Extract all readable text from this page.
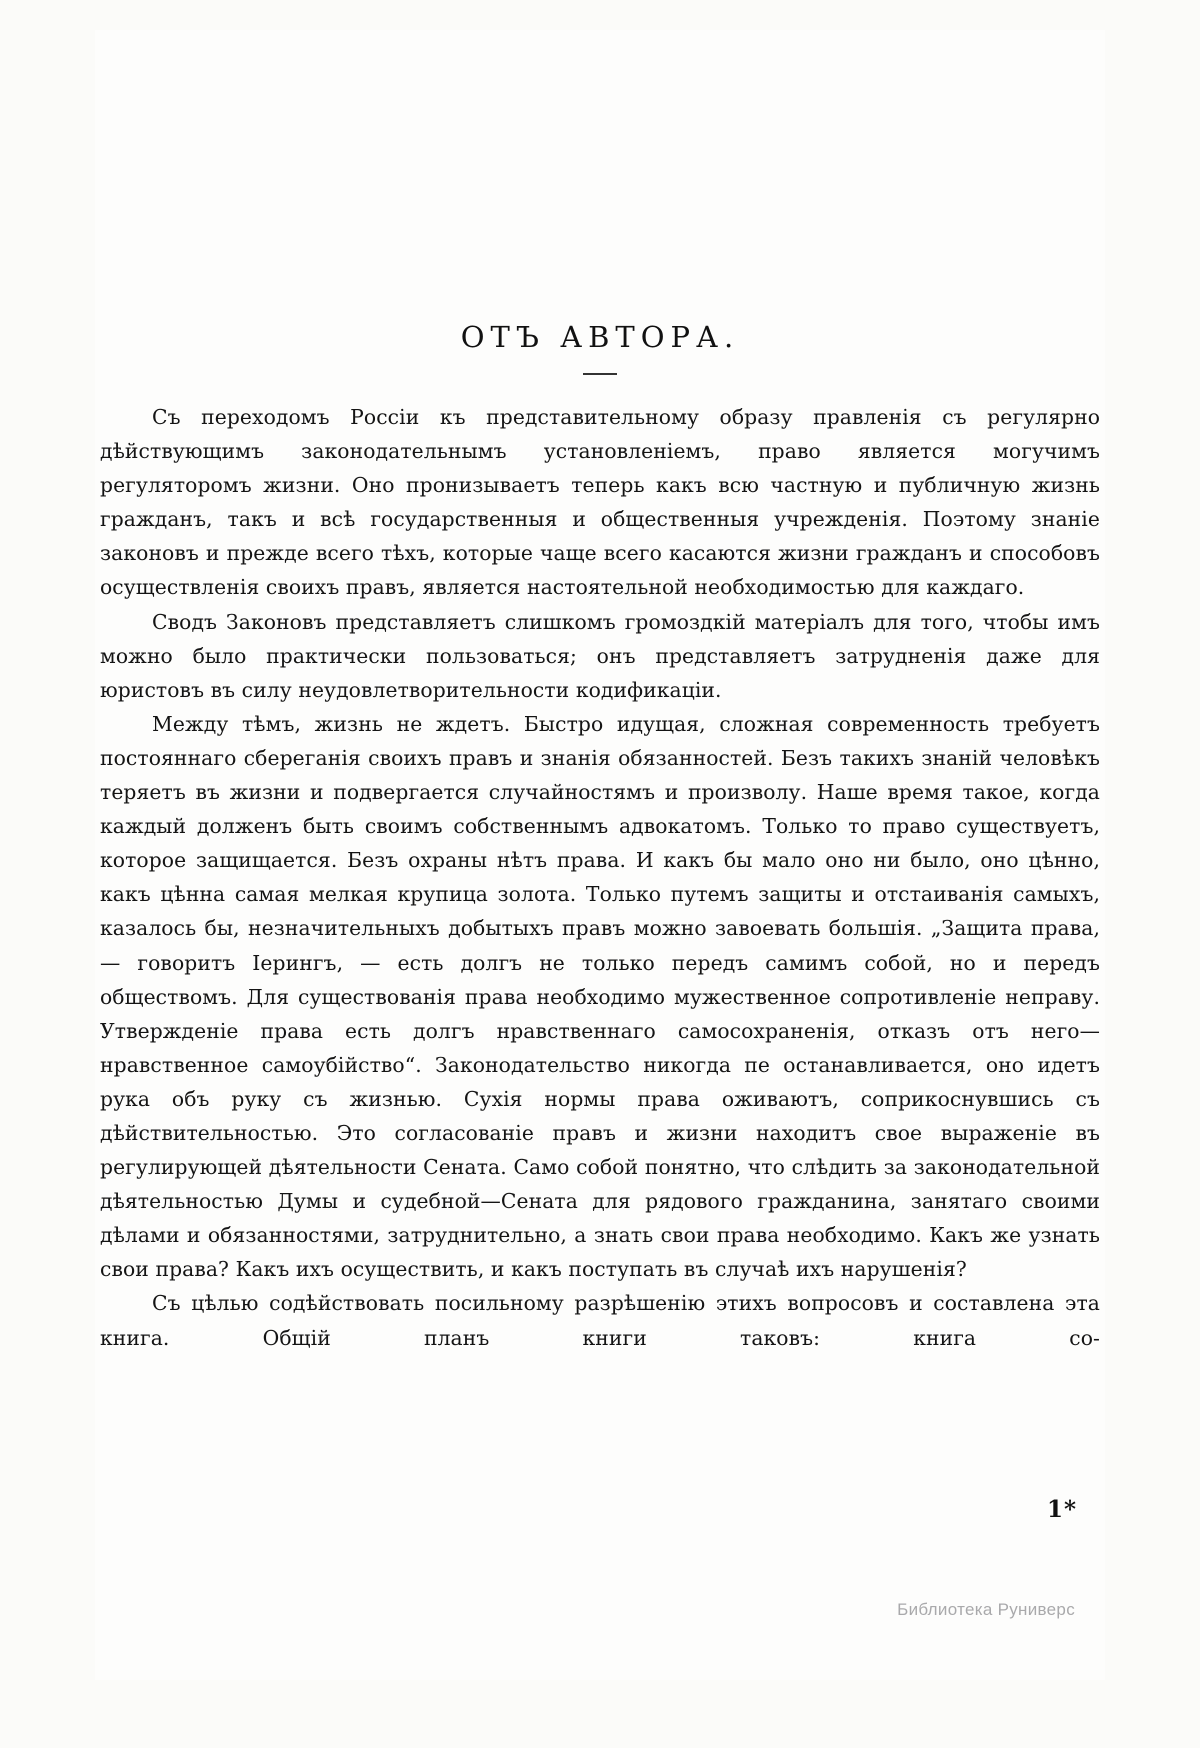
ОТЪ АВТОРА.

Съ переходомъ Россіи къ представительному образу правленія съ регулярно дѣйствующимъ законодательнымъ установленіемъ, право является могучимъ регуляторомъ жизни. Оно пронизываетъ теперь какъ всю частную и публичную жизнь гражданъ, такъ и всѣ государственныя и общественныя учрежденія. Поэтому знаніе законовъ и прежде всего тѣхъ, которые чаще всего касаются жизни гражданъ и способовъ осуществленія своихъ правъ, является настоятельной необходимостью для каждаго.

Сводъ Законовъ представляетъ слишкомъ громоздкій матеріалъ для того, чтобы имъ можно было практически пользоваться; онъ представляетъ затрудненія даже для юристовъ въ силу неудовлетворительности кодификаціи.

Между тѣмъ, жизнь не ждетъ. Быстро идущая, сложная современность требуетъ постояннаго сбереганія своихъ правъ и знанія обязанностей. Безъ такихъ знаній человѣкъ теряетъ въ жизни и подвергается случайностямъ и произволу. Наше время такое, когда каждый долженъ быть своимъ собственнымъ адвокатомъ. Только то право существуетъ, которое защищается. Безъ охраны нѣтъ права. И какъ бы мало оно ни было, оно цѣнно, какъ цѣнна самая мелкая крупица золота. Только путемъ защиты и отстаиванія самыхъ, казалось бы, незначительныхъ добытыхъ правъ можно завоевать большія. „Защита права, — говоритъ Іерингъ, — есть долгъ не только передъ самимъ собой, но и передъ обществомъ. Для существованія права необходимо мужественное сопротивленіе неправу. Утвержденіе права есть долгъ нравственнаго самосохраненія, отказъ отъ него—нравственное самоубійство“. Законодательство никогда пе останавливается, оно идетъ рука объ руку съ жизнью. Сухія нормы права оживаютъ, соприкоснувшись съ дѣйствительностью. Это согласованіе правъ и жизни находитъ свое выраженіе въ регулирующей дѣятельности Сената. Само собой понятно, что слѣдить за законодательной дѣятельностью Думы и судебной—Сената для рядового гражданина, занятаго своими дѣлами и обязанностями, затруднительно, а знать свои права необходимо. Какъ же узнать свои права? Какъ ихъ осуществить, и какъ поступать въ случаѣ ихъ нарушенія?

Съ цѣлью содѣйствовать посильному разрѣшенію этихъ вопросовъ и составлена эта книга. Общій планъ книги таковъ: книга со-

1*
Библиотека Руниверс
